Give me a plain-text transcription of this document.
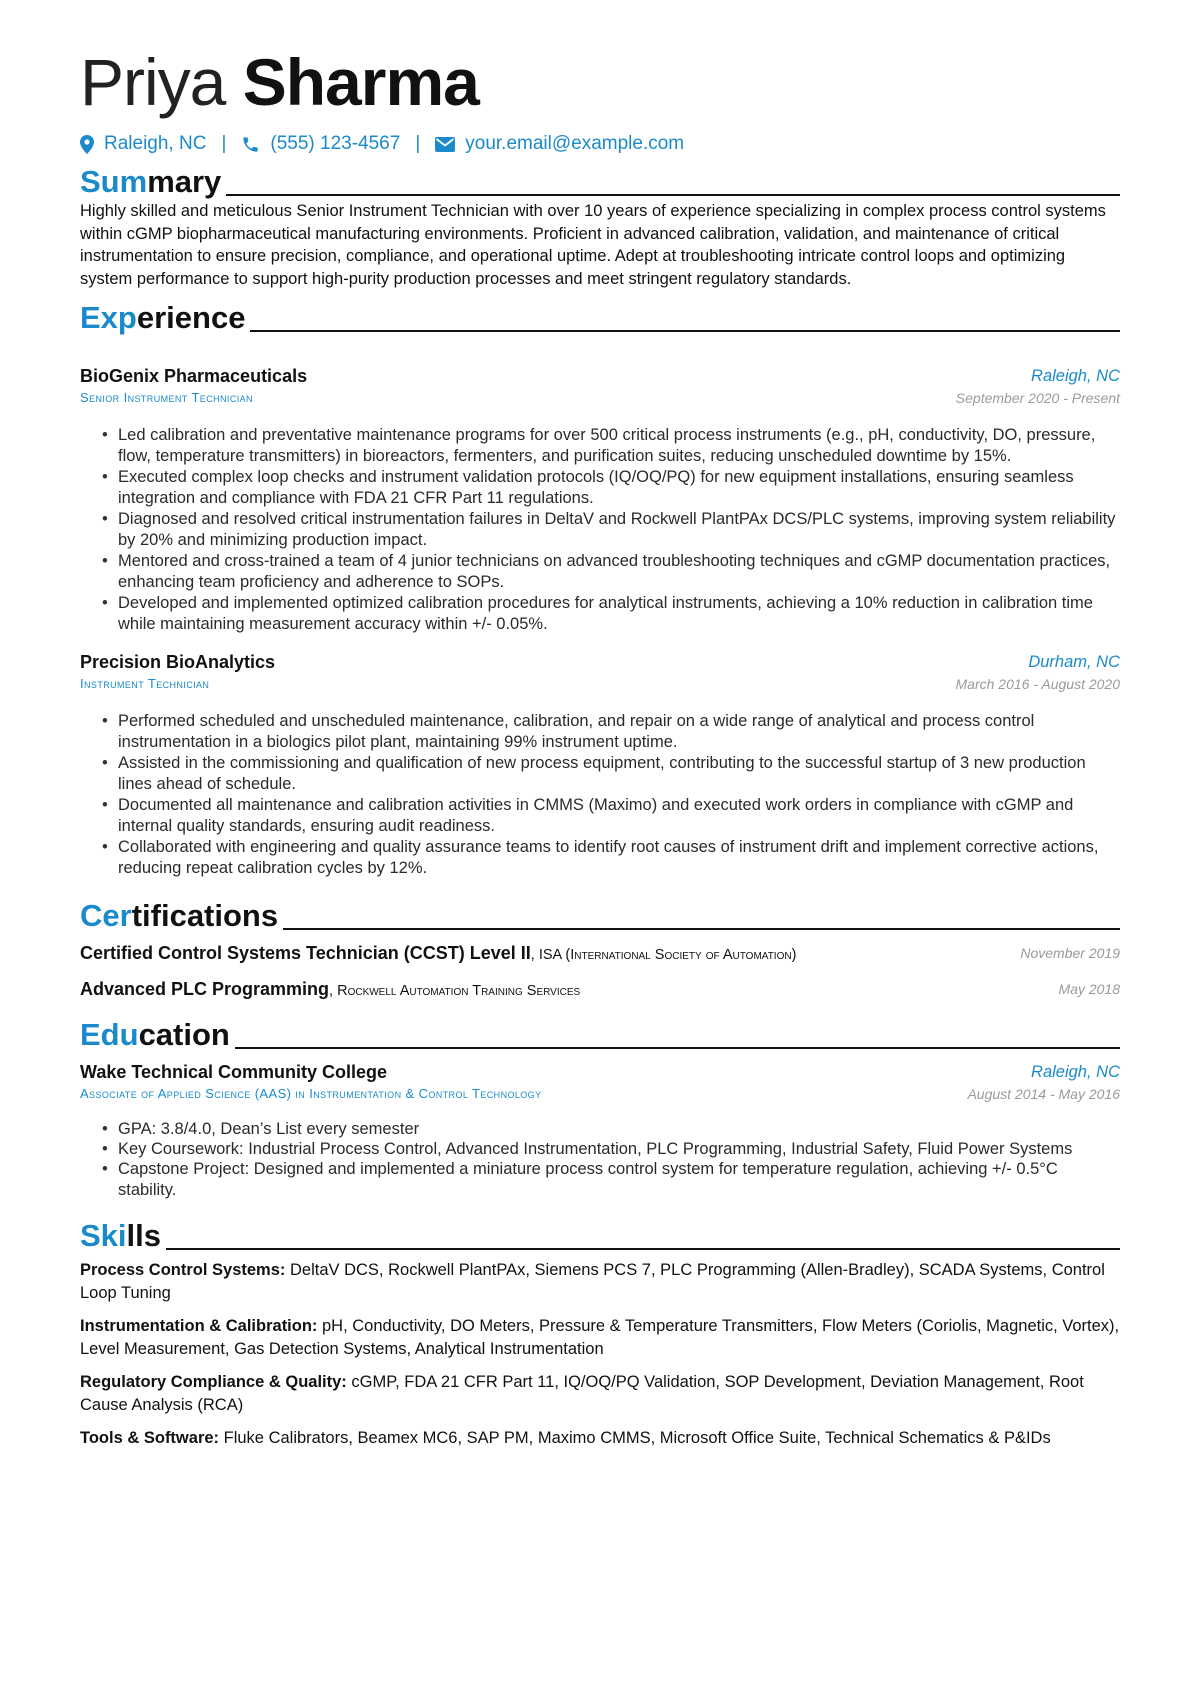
Priya Sharma
Raleigh, NC | (555) 123-4567 | your.email@example.com
Summary
Highly skilled and meticulous Senior Instrument Technician with over 10 years of experience specializing in complex process control systems within cGMP biopharmaceutical manufacturing environments. Proficient in advanced calibration, validation, and maintenance of critical instrumentation to ensure precision, compliance, and operational uptime. Adept at troubleshooting intricate control loops and optimizing system performance to support high-purity production processes and meet stringent regulatory standards.
Experience
BioGenix Pharmaceuticals	Raleigh, NC
Senior Instrument Technician	September 2020 - Present
• Led calibration and preventative maintenance programs for over 500 critical process instruments (e.g., pH, conductivity, DO, pressure, flow, temperature transmitters) in bioreactors, fermenters, and purification suites, reducing unscheduled downtime by 15%.
• Executed complex loop checks and instrument validation protocols (IQ/OQ/PQ) for new equipment installations, ensuring seamless integration and compliance with FDA 21 CFR Part 11 regulations.
• Diagnosed and resolved critical instrumentation failures in DeltaV and Rockwell PlantPAx DCS/PLC systems, improving system reliability by 20% and minimizing production impact.
• Mentored and cross-trained a team of 4 junior technicians on advanced troubleshooting techniques and cGMP documentation practices, enhancing team proficiency and adherence to SOPs.
• Developed and implemented optimized calibration procedures for analytical instruments, achieving a 10% reduction in calibration time while maintaining measurement accuracy within +/- 0.05%.
Precision BioAnalytics	Durham, NC
Instrument Technician	March 2016 - August 2020
• Performed scheduled and unscheduled maintenance, calibration, and repair on a wide range of analytical and process control instrumentation in a biologics pilot plant, maintaining 99% instrument uptime.
• Assisted in the commissioning and qualification of new process equipment, contributing to the successful startup of 3 new production lines ahead of schedule.
• Documented all maintenance and calibration activities in CMMS (Maximo) and executed work orders in compliance with cGMP and internal quality standards, ensuring audit readiness.
• Collaborated with engineering and quality assurance teams to identify root causes of instrument drift and implement corrective actions, reducing repeat calibration cycles by 12%.
Certifications
Certified Control Systems Technician (CCST) Level II, ISA (International Society of Automation)	November 2019
Advanced PLC Programming, Rockwell Automation Training Services	May 2018
Education
Wake Technical Community College	Raleigh, NC
Associate of Applied Science (AAS) in Instrumentation & Control Technology	August 2014 - May 2016
• GPA: 3.8/4.0, Dean’s List every semester
• Key Coursework: Industrial Process Control, Advanced Instrumentation, PLC Programming, Industrial Safety, Fluid Power Systems
• Capstone Project: Designed and implemented a miniature process control system for temperature regulation, achieving +/- 0.5°C stability.
Skills
Process Control Systems: DeltaV DCS, Rockwell PlantPAx, Siemens PCS 7, PLC Programming (Allen-Bradley), SCADA Systems, Control Loop Tuning
Instrumentation & Calibration: pH, Conductivity, DO Meters, Pressure & Temperature Transmitters, Flow Meters (Coriolis, Magnetic, Vortex), Level Measurement, Gas Detection Systems, Analytical Instrumentation
Regulatory Compliance & Quality: cGMP, FDA 21 CFR Part 11, IQ/OQ/PQ Validation, SOP Development, Deviation Management, Root Cause Analysis (RCA)
Tools & Software: Fluke Calibrators, Beamex MC6, SAP PM, Maximo CMMS, Microsoft Office Suite, Technical Schematics & P&IDs
